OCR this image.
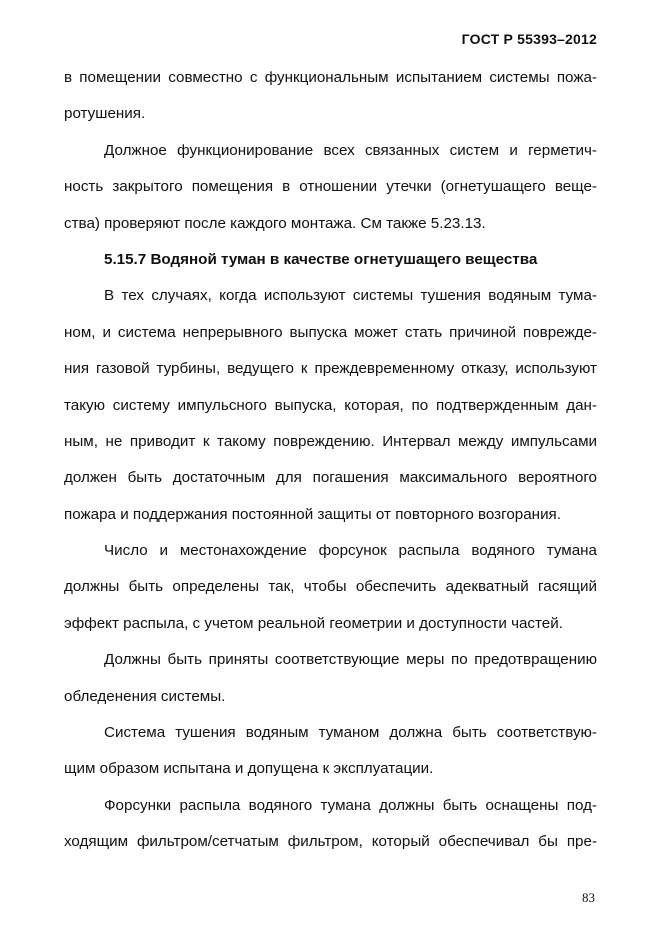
ГОСТ Р 55393–2012
в помещении совместно с функциональным испытанием системы пожа-
ротушения.
Должное функционирование всех связанных систем и герметич-
ность закрытого помещения в отношении утечки (огнетушащего веще-
ства) проверяют после каждого монтажа. См также 5.23.13.
5.15.7 Водяной туман в качестве огнетушащего вещества
В тех случаях, когда используют системы тушения водяным тума-
ном, и система непрерывного выпуска может стать причиной поврежде-
ния газовой турбины, ведущего к преждевременному отказу, используют
такую систему импульсного выпуска, которая, по подтвержденным дан-
ным, не приводит к такому повреждению. Интервал между импульсами
должен быть достаточным для погашения максимального вероятного
пожара и поддержания постоянной защиты от повторного возгорания.
Число и местонахождение форсунок распыла водяного тумана
должны быть определены так, чтобы обеспечить адекватный гасящий
эффект распыла, с учетом реальной геометрии и доступности частей.
Должны быть приняты соответствующие меры по предотвращению
обледенения системы.
Система тушения водяным туманом должна быть соответствую-
щим образом испытана и допущена к эксплуатации.
Форсунки распыла водяного тумана должны быть оснащены под-
ходящим фильтром/сетчатым фильтром, который обеспечивал бы пре-
83
